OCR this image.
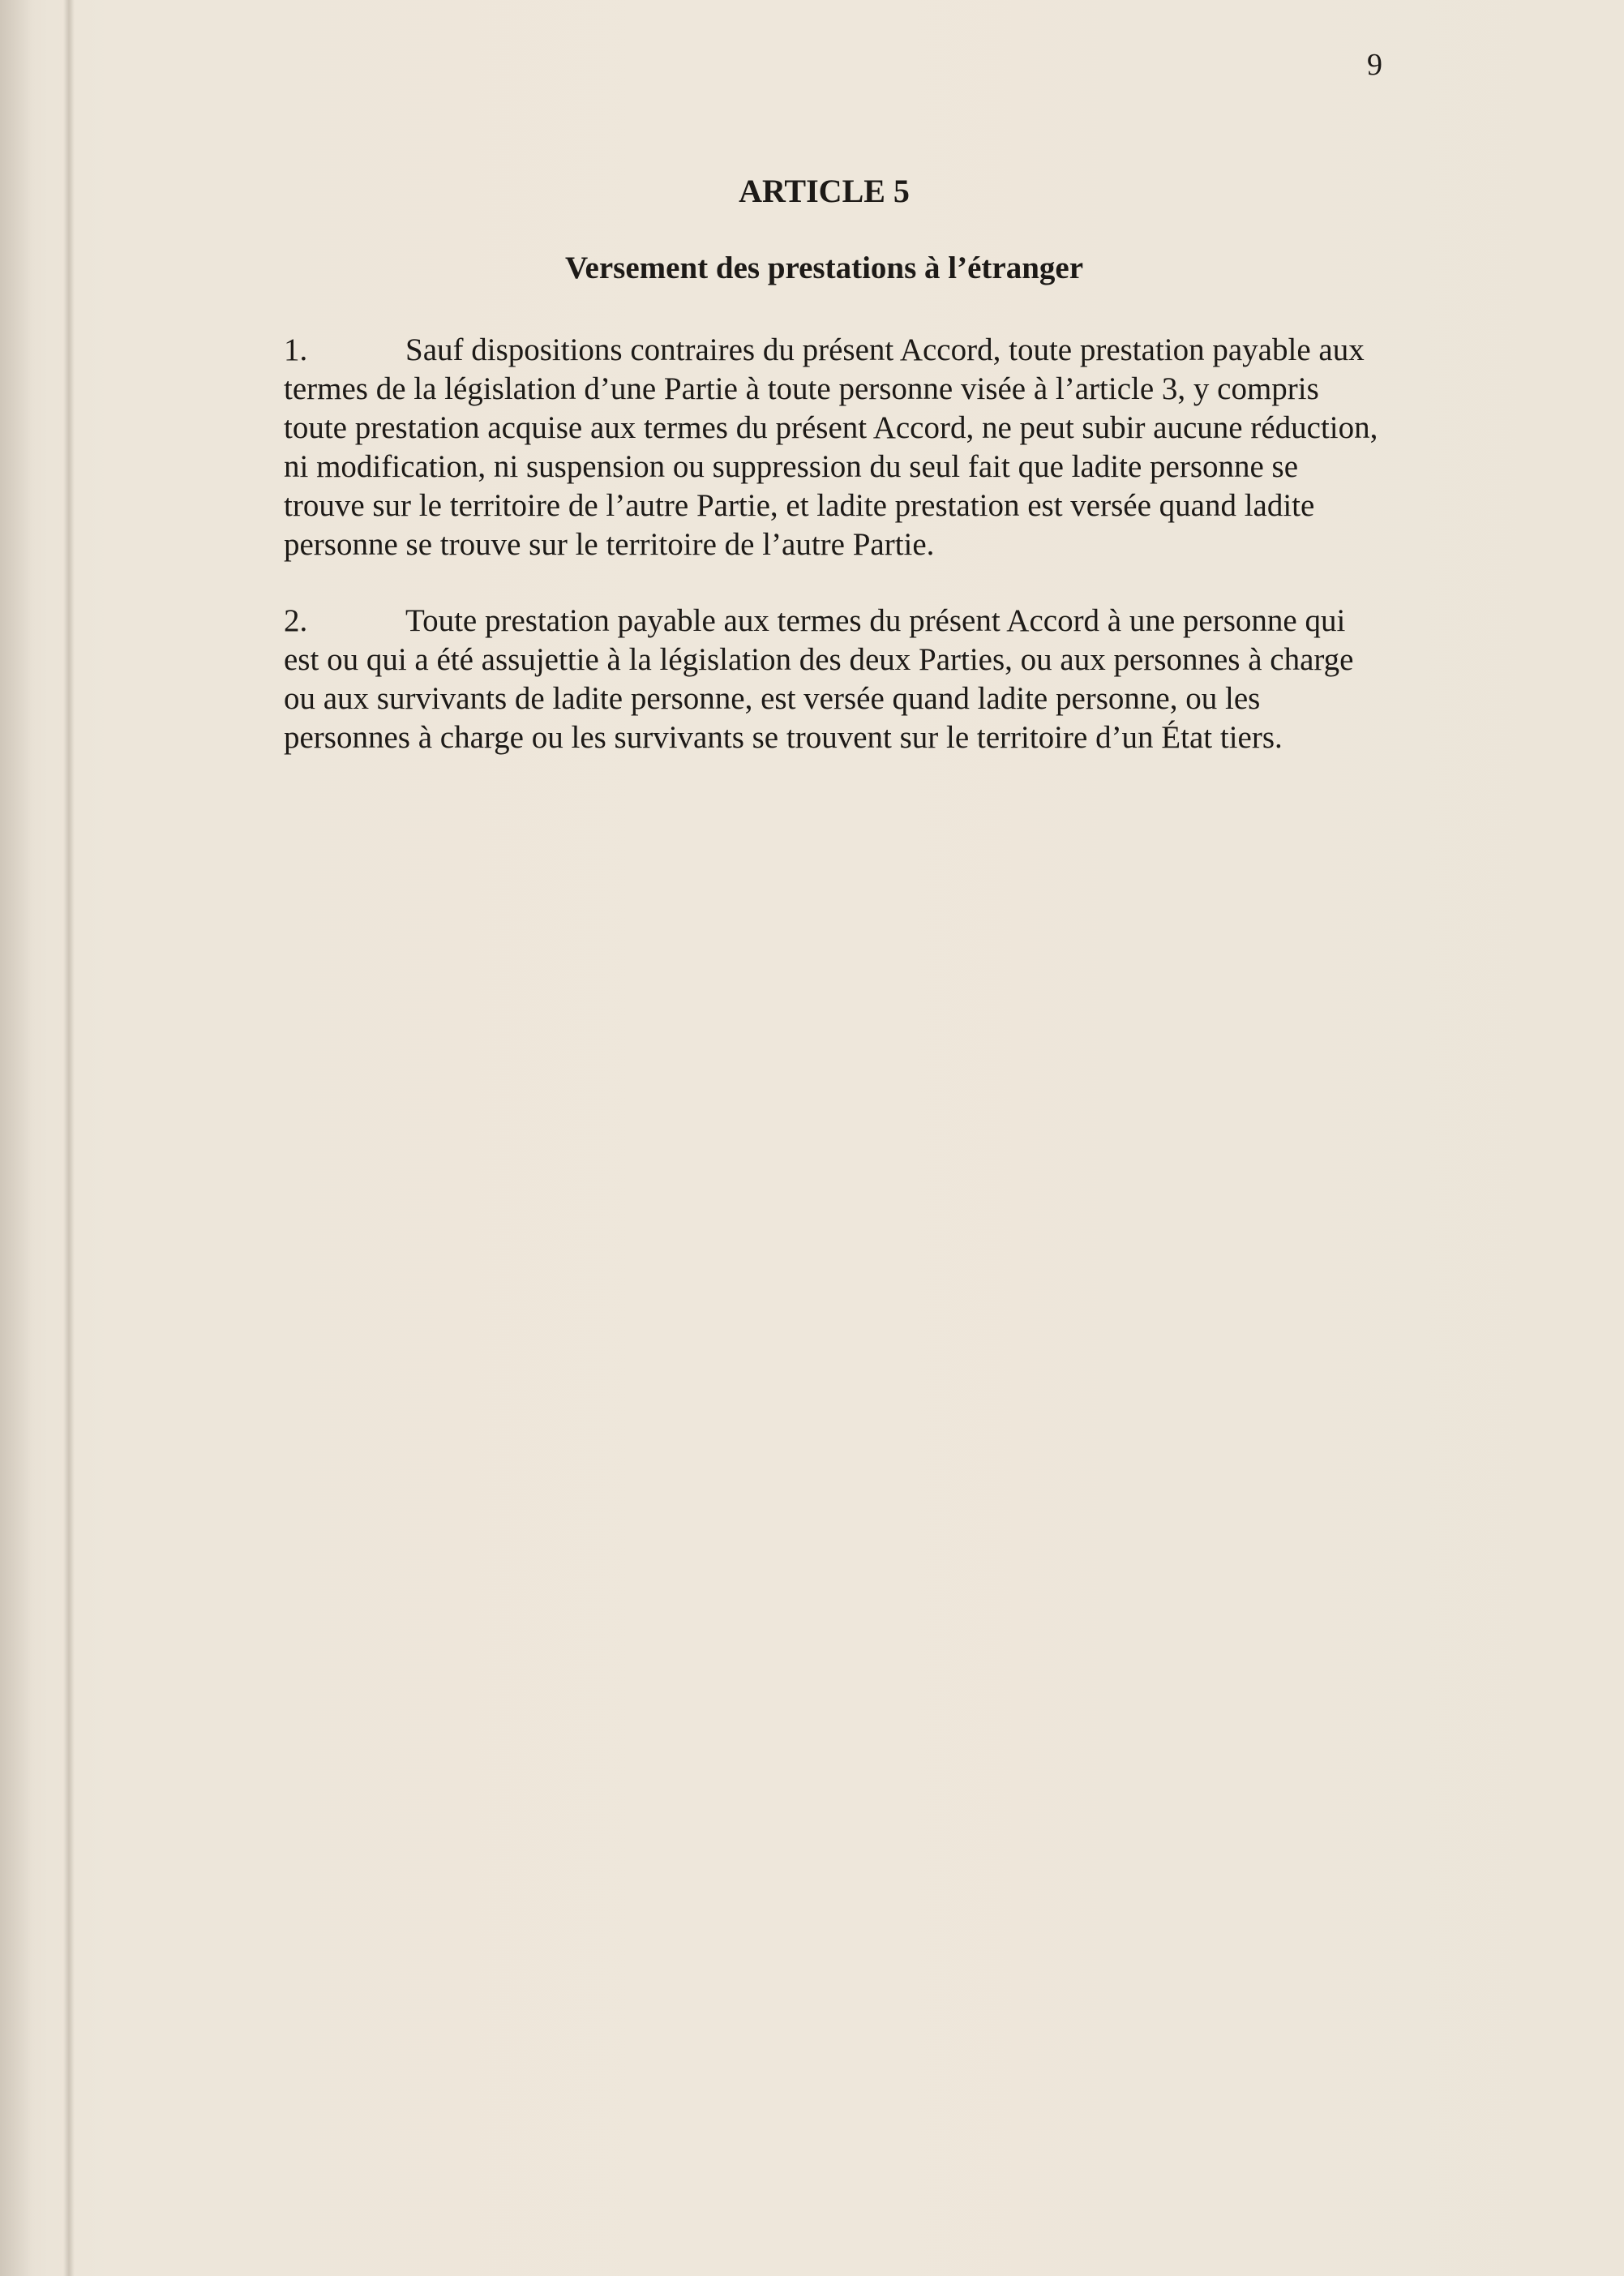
9
ARTICLE 5
Versement des prestations à l’étranger
1.	Sauf dispositions contraires du présent Accord, toute prestation payable aux termes de la législation d’une Partie à toute personne visée à l’article 3, y compris toute prestation acquise aux termes du présent Accord, ne peut subir aucune réduction, ni modification, ni suspension ou suppression du seul fait que ladite personne se trouve sur le territoire de l’autre Partie, et ladite prestation est versée quand ladite personne se trouve sur le territoire de l’autre Partie.
2.	Toute prestation payable aux termes du présent Accord à une personne qui est ou qui a été assujettie à la législation des deux Parties, ou aux personnes à charge ou aux survivants de ladite personne, est versée quand ladite personne, ou les personnes à charge ou les survivants se trouvent sur le territoire d’un État tiers.
